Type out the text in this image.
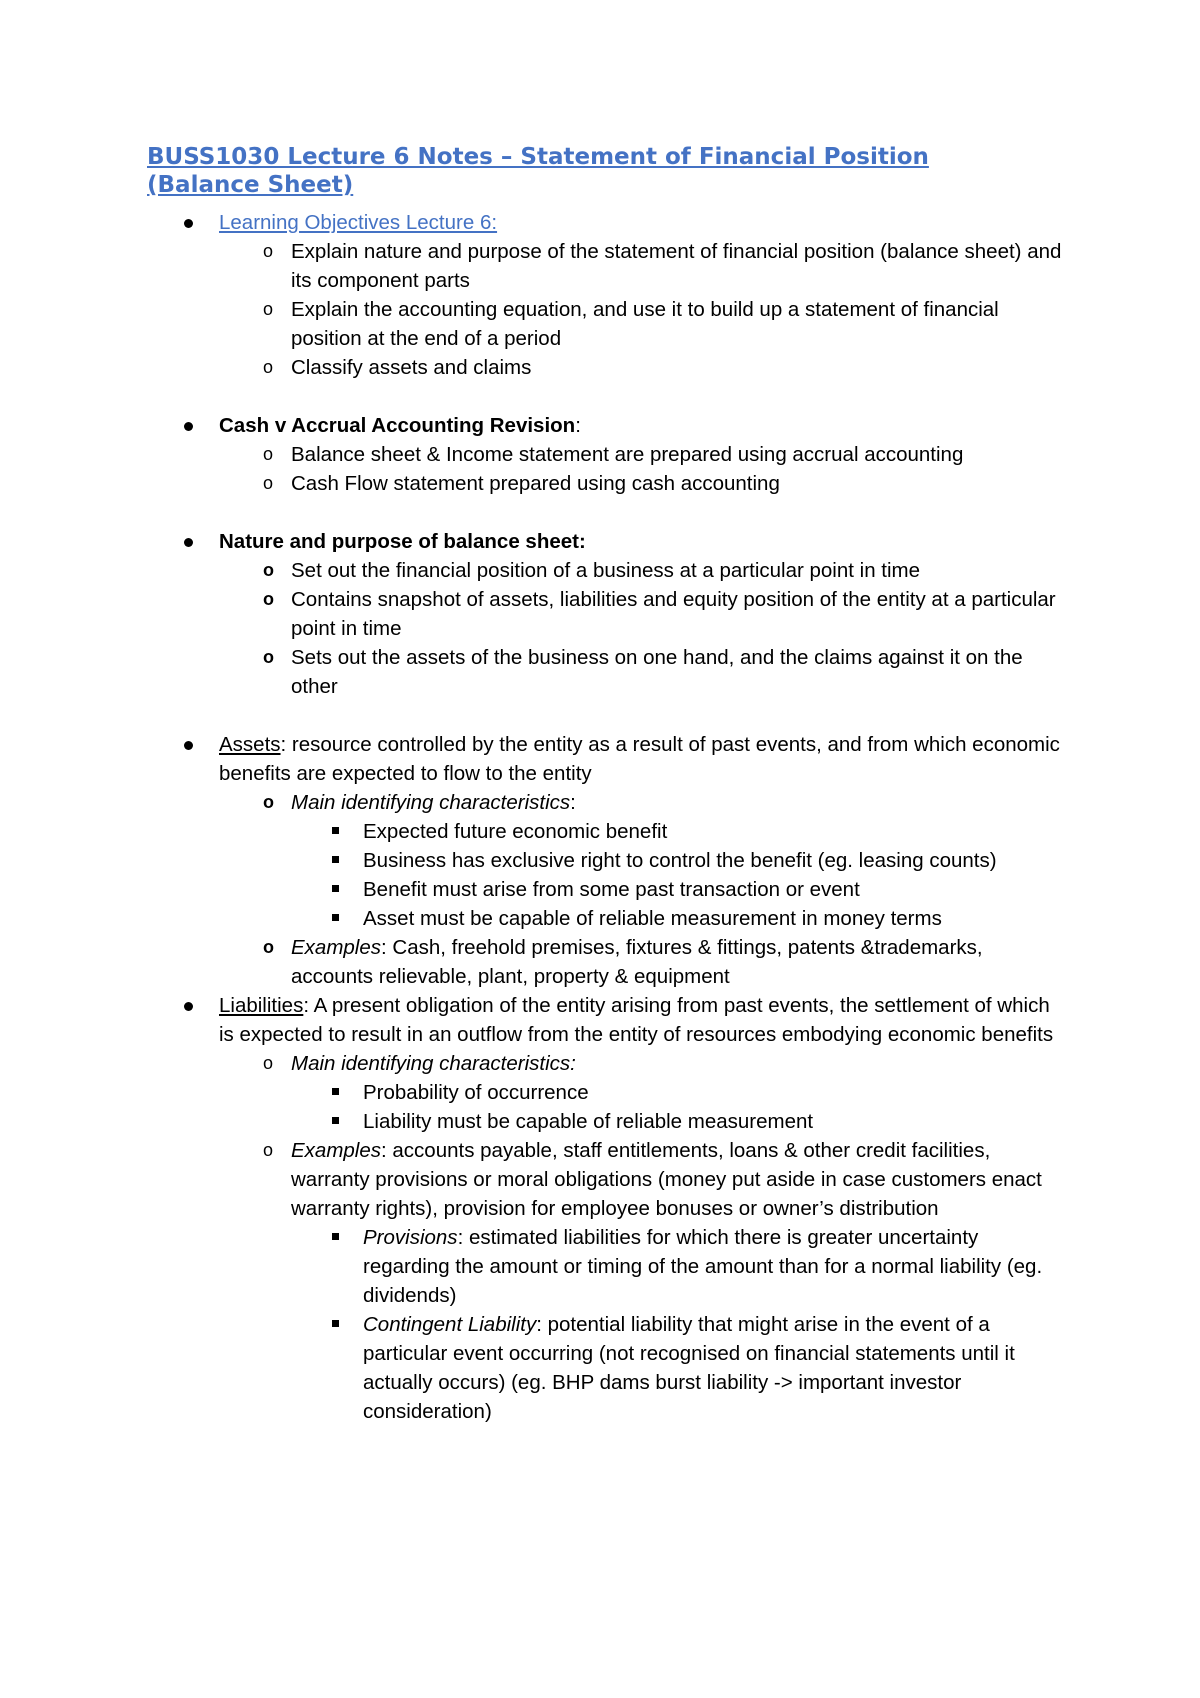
BUSS1030 Lecture 6 Notes – Statement of Financial Position (Balance Sheet)
Learning Objectives Lecture 6:
o Explain nature and purpose of the statement of financial position (balance sheet) and its component parts
o Explain the accounting equation, and use it to build up a statement of financial position at the end of a period
o Classify assets and claims
Cash v Accrual Accounting Revision:
o Balance sheet & Income statement are prepared using accrual accounting
o Cash Flow statement prepared using cash accounting
Nature and purpose of balance sheet:
o Set out the financial position of a business at a particular point in time
o Contains snapshot of assets, liabilities and equity position of the entity at a particular point in time
o Sets out the assets of the business on one hand, and the claims against it on the other
Assets: resource controlled by the entity as a result of past events, and from which economic benefits are expected to flow to the entity
o Main identifying characteristics:
Expected future economic benefit
Business has exclusive right to control the benefit (eg. leasing counts)
Benefit must arise from some past transaction or event
Asset must be capable of reliable measurement in money terms
o Examples: Cash, freehold premises, fixtures & fittings, patents &trademarks, accounts relievable, plant, property & equipment
Liabilities: A present obligation of the entity arising from past events, the settlement of which is expected to result in an outflow from the entity of resources embodying economic benefits
o Main identifying characteristics:
Probability of occurrence
Liability must be capable of reliable measurement
o Examples: accounts payable, staff entitlements, loans & other credit facilities, warranty provisions or moral obligations (money put aside in case customers enact warranty rights), provision for employee bonuses or owner’s distribution
Provisions: estimated liabilities for which there is greater uncertainty regarding the amount or timing of the amount than for a normal liability (eg. dividends)
Contingent Liability: potential liability that might arise in the event of a particular event occurring (not recognised on financial statements until it actually occurs) (eg. BHP dams burst liability -> important investor consideration)
